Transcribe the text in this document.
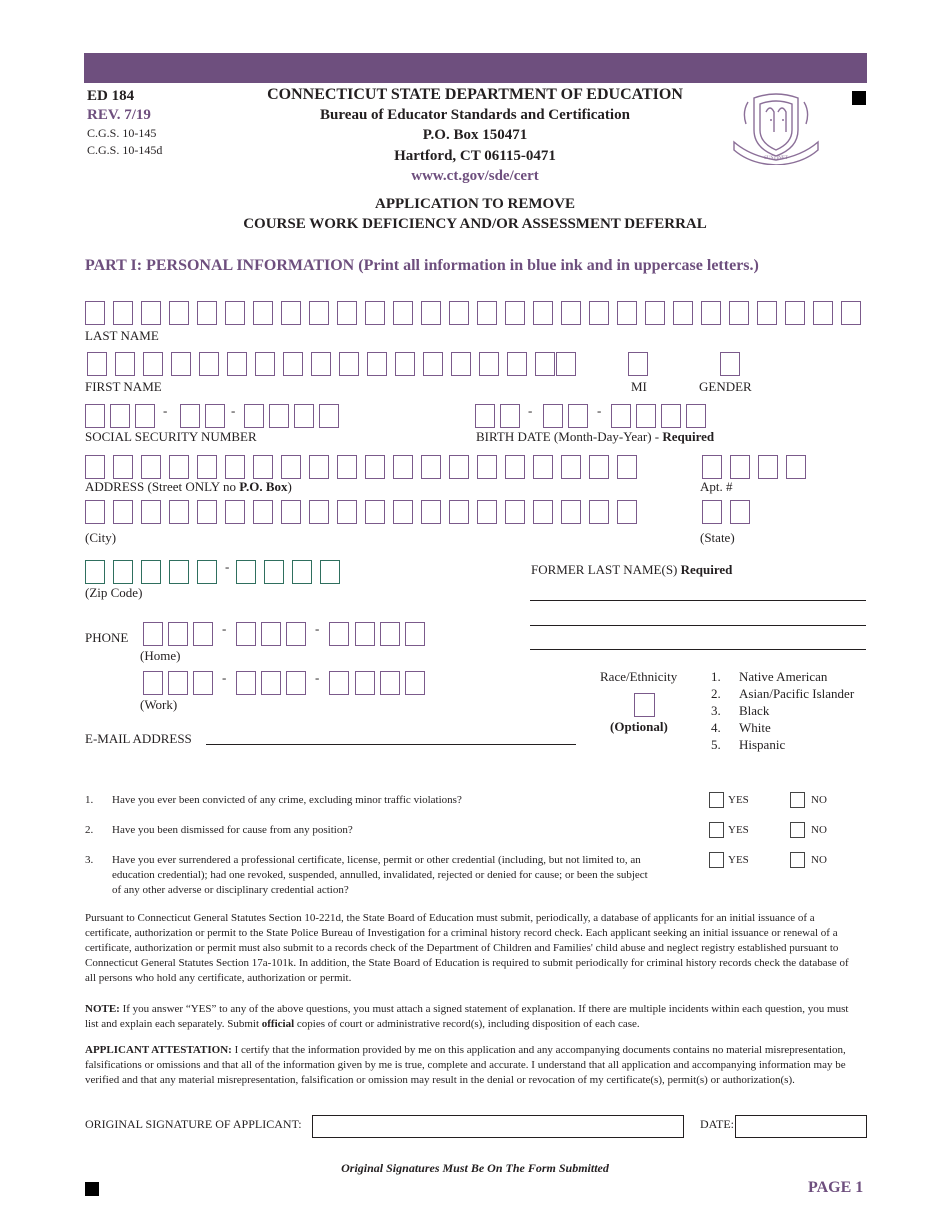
ED 184
REV. 7/19
C.G.S. 10-145
C.G.S. 10-145d
CONNECTICUT STATE DEPARTMENT OF EDUCATION
Bureau of Educator Standards and Certification
P.O. Box 150471
Hartford, CT 06115-0471
www.ct.gov/sde/cert
APPLICATION TO REMOVE
COURSE WORK DEFICIENCY AND/OR ASSESSMENT DEFERRAL
SUSTINET
PART I: PERSONAL INFORMATION (Print all information in blue ink and in uppercase letters.)
LAST NAME
FIRST NAME	MI	GENDER
-	-
SOCIAL SECURITY NUMBER
-	-
BIRTH DATE (Month-Day-Year) - Required
ADDRESS (Street ONLY no P.O. Box)	Apt. #
(City)	(State)
-
(Zip Code)
FORMER LAST NAME(S) Required
PHONE
-	-
(Home)
-	-
(Work)
E-MAIL ADDRESS
Race/Ethnicity
(Optional)
1. Native American
2. Asian/Pacific Islander
3. Black
4. White
5. Hispanic
1. Have you ever been convicted of any crime, excluding minor traffic violations?	YES	NO
2. Have you been dismissed for cause from any position?	YES	NO
3. Have you ever surrendered a professional certificate, license, permit or other credential (including, but not limited to, an education credential); had one revoked, suspended, annulled, invalidated, rejected or denied for cause; or been the subject of any other adverse or disciplinary credential action?
YES	NO
Pursuant to Connecticut General Statutes Section 10-221d, the State Board of Education must submit, periodically, a database of applicants for an initial issuance of a certificate, authorization or permit to the State Police Bureau of Investigation for a criminal history record check. Each applicant seeking an initial issuance or renewal of a certificate, authorization or permit must also submit to a records check of the Department of Children and Families' child abuse and neglect registry established pursuant to Connecticut General Statutes Section 17a-101k. In addition, the State Board of Education is required to submit periodically for criminal history records check the database of all persons who hold any certificate, authorization or permit.
NOTE: If you answer “YES” to any of the above questions, you must attach a signed statement of explanation. If there are multiple incidents within each question, you must list and explain each separately. Submit official copies of court or administrative record(s), including disposition of each case.
APPLICANT ATTESTATION: I certify that the information provided by me on this application and any accompanying documents contains no material misrepresentation, falsifications or omissions and that all of the information given by me is true, complete and accurate. I understand that all application and accompanying information may be verified and that any material misrepresentation, falsification or omission may result in the denial or revocation of my certificate(s), permit(s) or authorization(s).
ORIGINAL SIGNATURE OF APPLICANT:	DATE:
Original Signatures Must Be On The Form Submitted
PAGE 1
